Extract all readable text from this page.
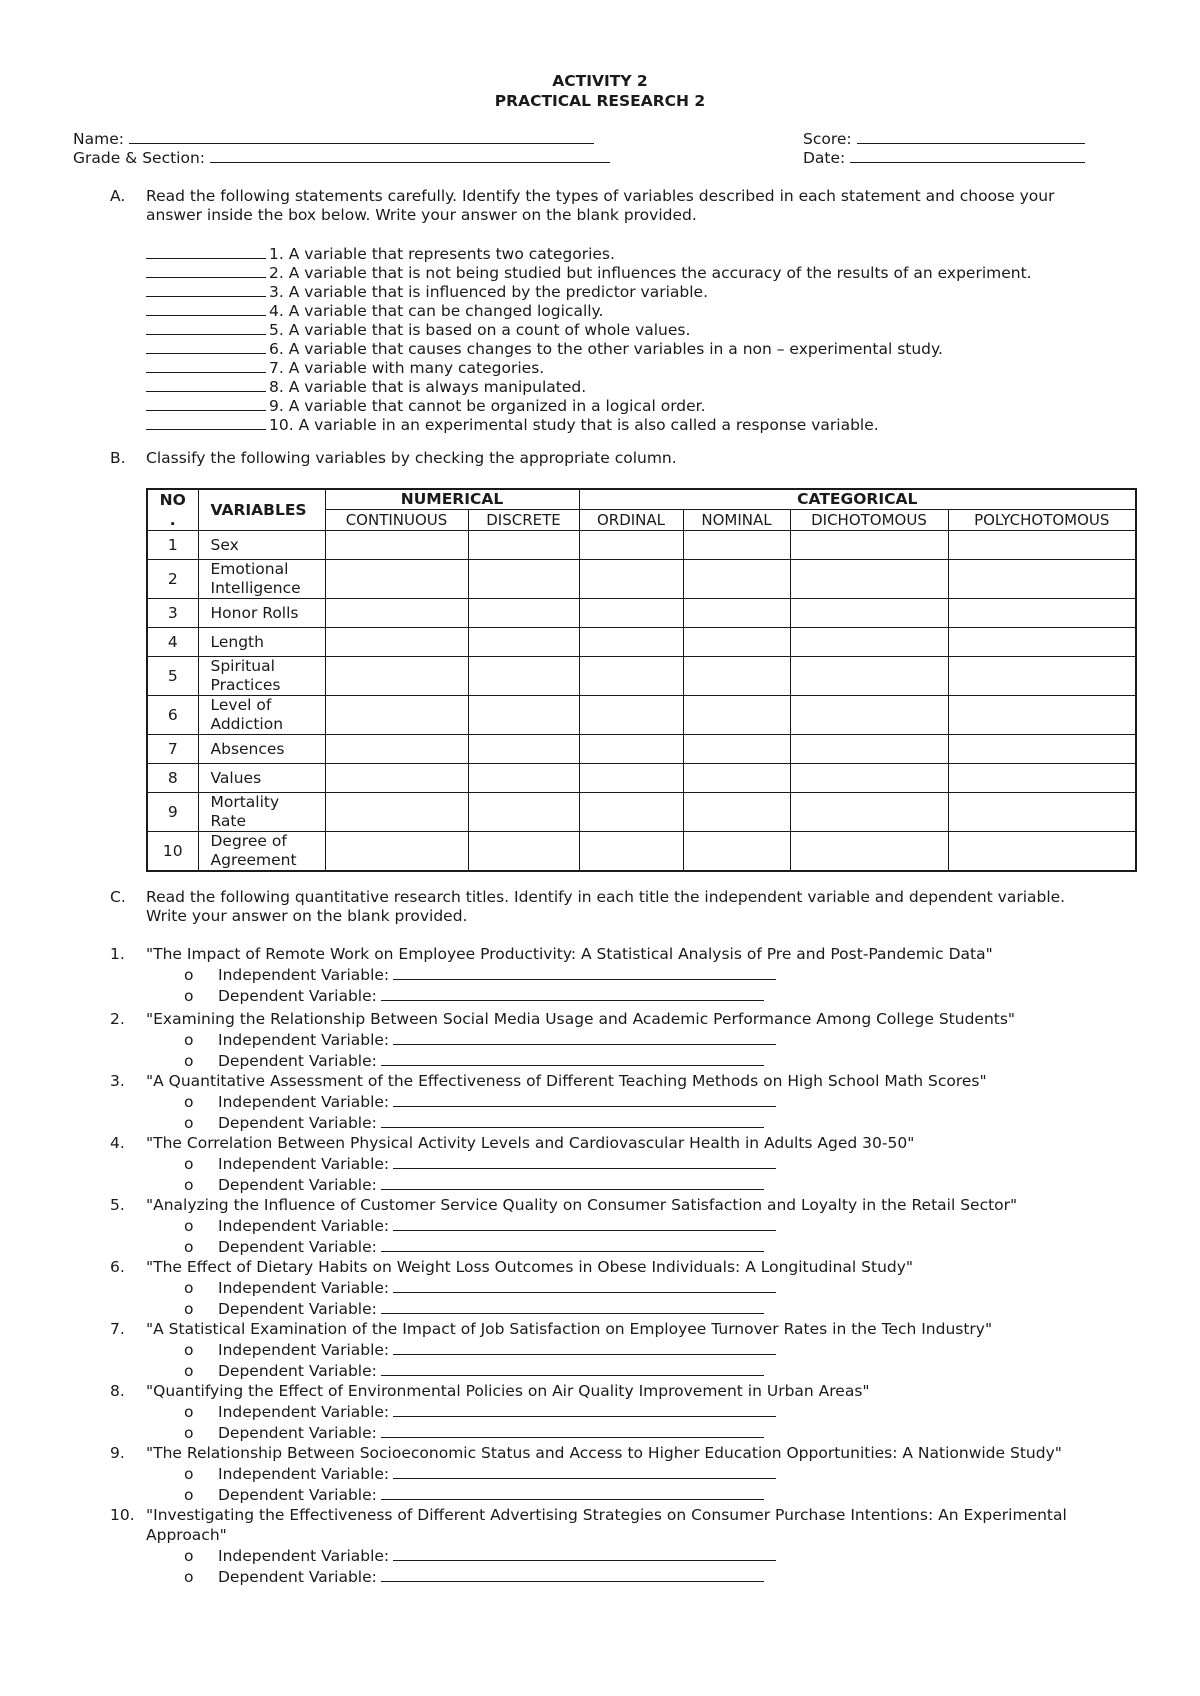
ACTIVITY 2
PRACTICAL RESEARCH 2
Name:
Grade & Section:
Score:
Date:
A. Read the following statements carefully. Identify the types of variables described in each statement and choose your
answer inside the box below. Write your answer on the blank provided.
1. A variable that represents two categories.
2. A variable that is not being studied but influences the accuracy of the results of an experiment.
3. A variable that is influenced by the predictor variable.
4. A variable that can be changed logically.
5. A variable that is based on a count of whole values.
6. A variable that causes changes to the other variables in a non – experimental study.
7. A variable with many categories.
8. A variable that is always manipulated.
9. A variable that cannot be organized in a logical order.
10. A variable in an experimental study that is also called a response variable.
B. Classify the following variables by checking the appropriate column.
NO
.	VARIABLES	NUMERICAL		CATEGORICAL			
		CONTINUOUS	DISCRETE	ORDINAL	NOMINAL	DICHOTOMOUS	POLYCHOTOMOUS
1	Sex						

2	Emotional
Intelligence						

3	Honor Rolls						

4	Length						

5	Spiritual
Practices						

6	Level of
Addiction						

7	Absences						

8	Values						

9	Mortality
Rate						

10	Degree of
Agreement						

C. Read the following quantitative research titles. Identify in each title the independent variable and dependent variable.
Write your answer on the blank provided.
1. "The Impact of Remote Work on Employee Productivity: A Statistical Analysis of Pre and Post-Pandemic Data"
o Independent Variable:
o Dependent Variable:
2. "Examining the Relationship Between Social Media Usage and Academic Performance Among College Students"
o Independent Variable:
o Dependent Variable:
3. "A Quantitative Assessment of the Effectiveness of Different Teaching Methods on High School Math Scores"
o Independent Variable:
o Dependent Variable:
4. "The Correlation Between Physical Activity Levels and Cardiovascular Health in Adults Aged 30-50"
o Independent Variable:
o Dependent Variable:
5. "Analyzing the Influence of Customer Service Quality on Consumer Satisfaction and Loyalty in the Retail Sector"
o Independent Variable:
o Dependent Variable:
6. "The Effect of Dietary Habits on Weight Loss Outcomes in Obese Individuals: A Longitudinal Study"
o Independent Variable:
o Dependent Variable:
7. "A Statistical Examination of the Impact of Job Satisfaction on Employee Turnover Rates in the Tech Industry"
o Independent Variable:
o Dependent Variable:
8. "Quantifying the Effect of Environmental Policies on Air Quality Improvement in Urban Areas"
o Independent Variable:
o Dependent Variable:
9. "The Relationship Between Socioeconomic Status and Access to Higher Education Opportunities: A Nationwide Study"
o Independent Variable:
o Dependent Variable:
10. "Investigating the Effectiveness of Different Advertising Strategies on Consumer Purchase Intentions: An Experimental
Approach"
o Independent Variable:
o Dependent Variable:
